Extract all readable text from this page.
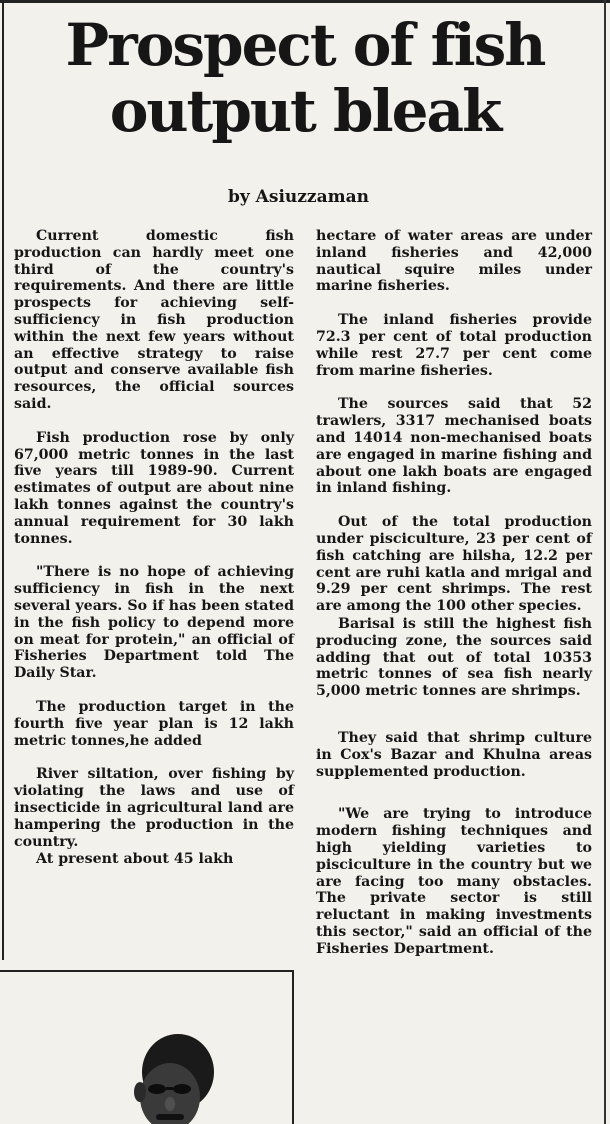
Prospect of fish
output bleak
by Asiuzzaman

Current domestic fish production can hardly meet one third of the country's requirements. And there are little prospects for achieving self-sufficiency in fish production within the next few years without an effective strategy to raise output and conserve available fish resources, the official sources said.

Fish production rose by only 67,000 metric tonnes in the last five years till 1989-90. Current estimates of output are about nine lakh tonnes against the country's annual requirement for 30 lakh tonnes.

"There is no hope of achieving sufficiency in fish in the next several years. So if has been stated in the fish policy to depend more on meat for protein," an official of Fisheries Department told The Daily Star.

The production target in the fourth five year plan is 12 lakh metric tonnes,he added

River siltation, over fishing by violating the laws and use of insecticide in agricultural land are hampering the production in the country.

At present about 45 lakh

hectare of water areas are under inland fisheries and 42,000 nautical squire miles under marine fisheries.

The inland fisheries provide 72.3 per cent of total production while rest 27.7 per cent come from marine fisheries.

The sources said that 52 trawlers, 3317 mechanised boats and 14014 non-mechanised boats are engaged in marine fishing and about one lakh boats are engaged in inland fishing.

Out of the total production under pisciculture, 23 per cent of fish catching are hilsha, 12.2 per cent are ruhi katla and mrigal and 9.29 per cent shrimps. The rest are among the 100 other species.

Barisal is still the highest fish producing zone, the sources said adding that out of total 10353 metric tonnes of sea fish nearly 5,000 metric tonnes are shrimps.

They said that shrimp culture in Cox's Bazar and Khulna areas supplemented production.

"We are trying to introduce modern fishing techniques and high yielding varieties to pisciculture in the country but we are facing too many obstacles. The private sector is still reluctant in making investments this sector," said an official of the Fisheries Department.
